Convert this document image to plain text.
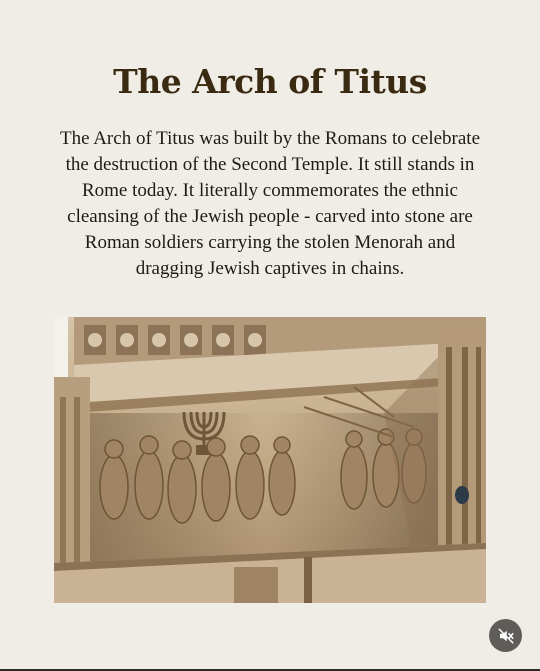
The Arch of Titus

The Arch of Titus was built by the Romans to celebrate the destruction of the Second Temple. It still stands in Rome today. It literally commemorates the ethnic cleansing of the Jewish people - carved into stone are Roman soldiers carrying the stolen Menorah and dragging Jewish captives in chains.
